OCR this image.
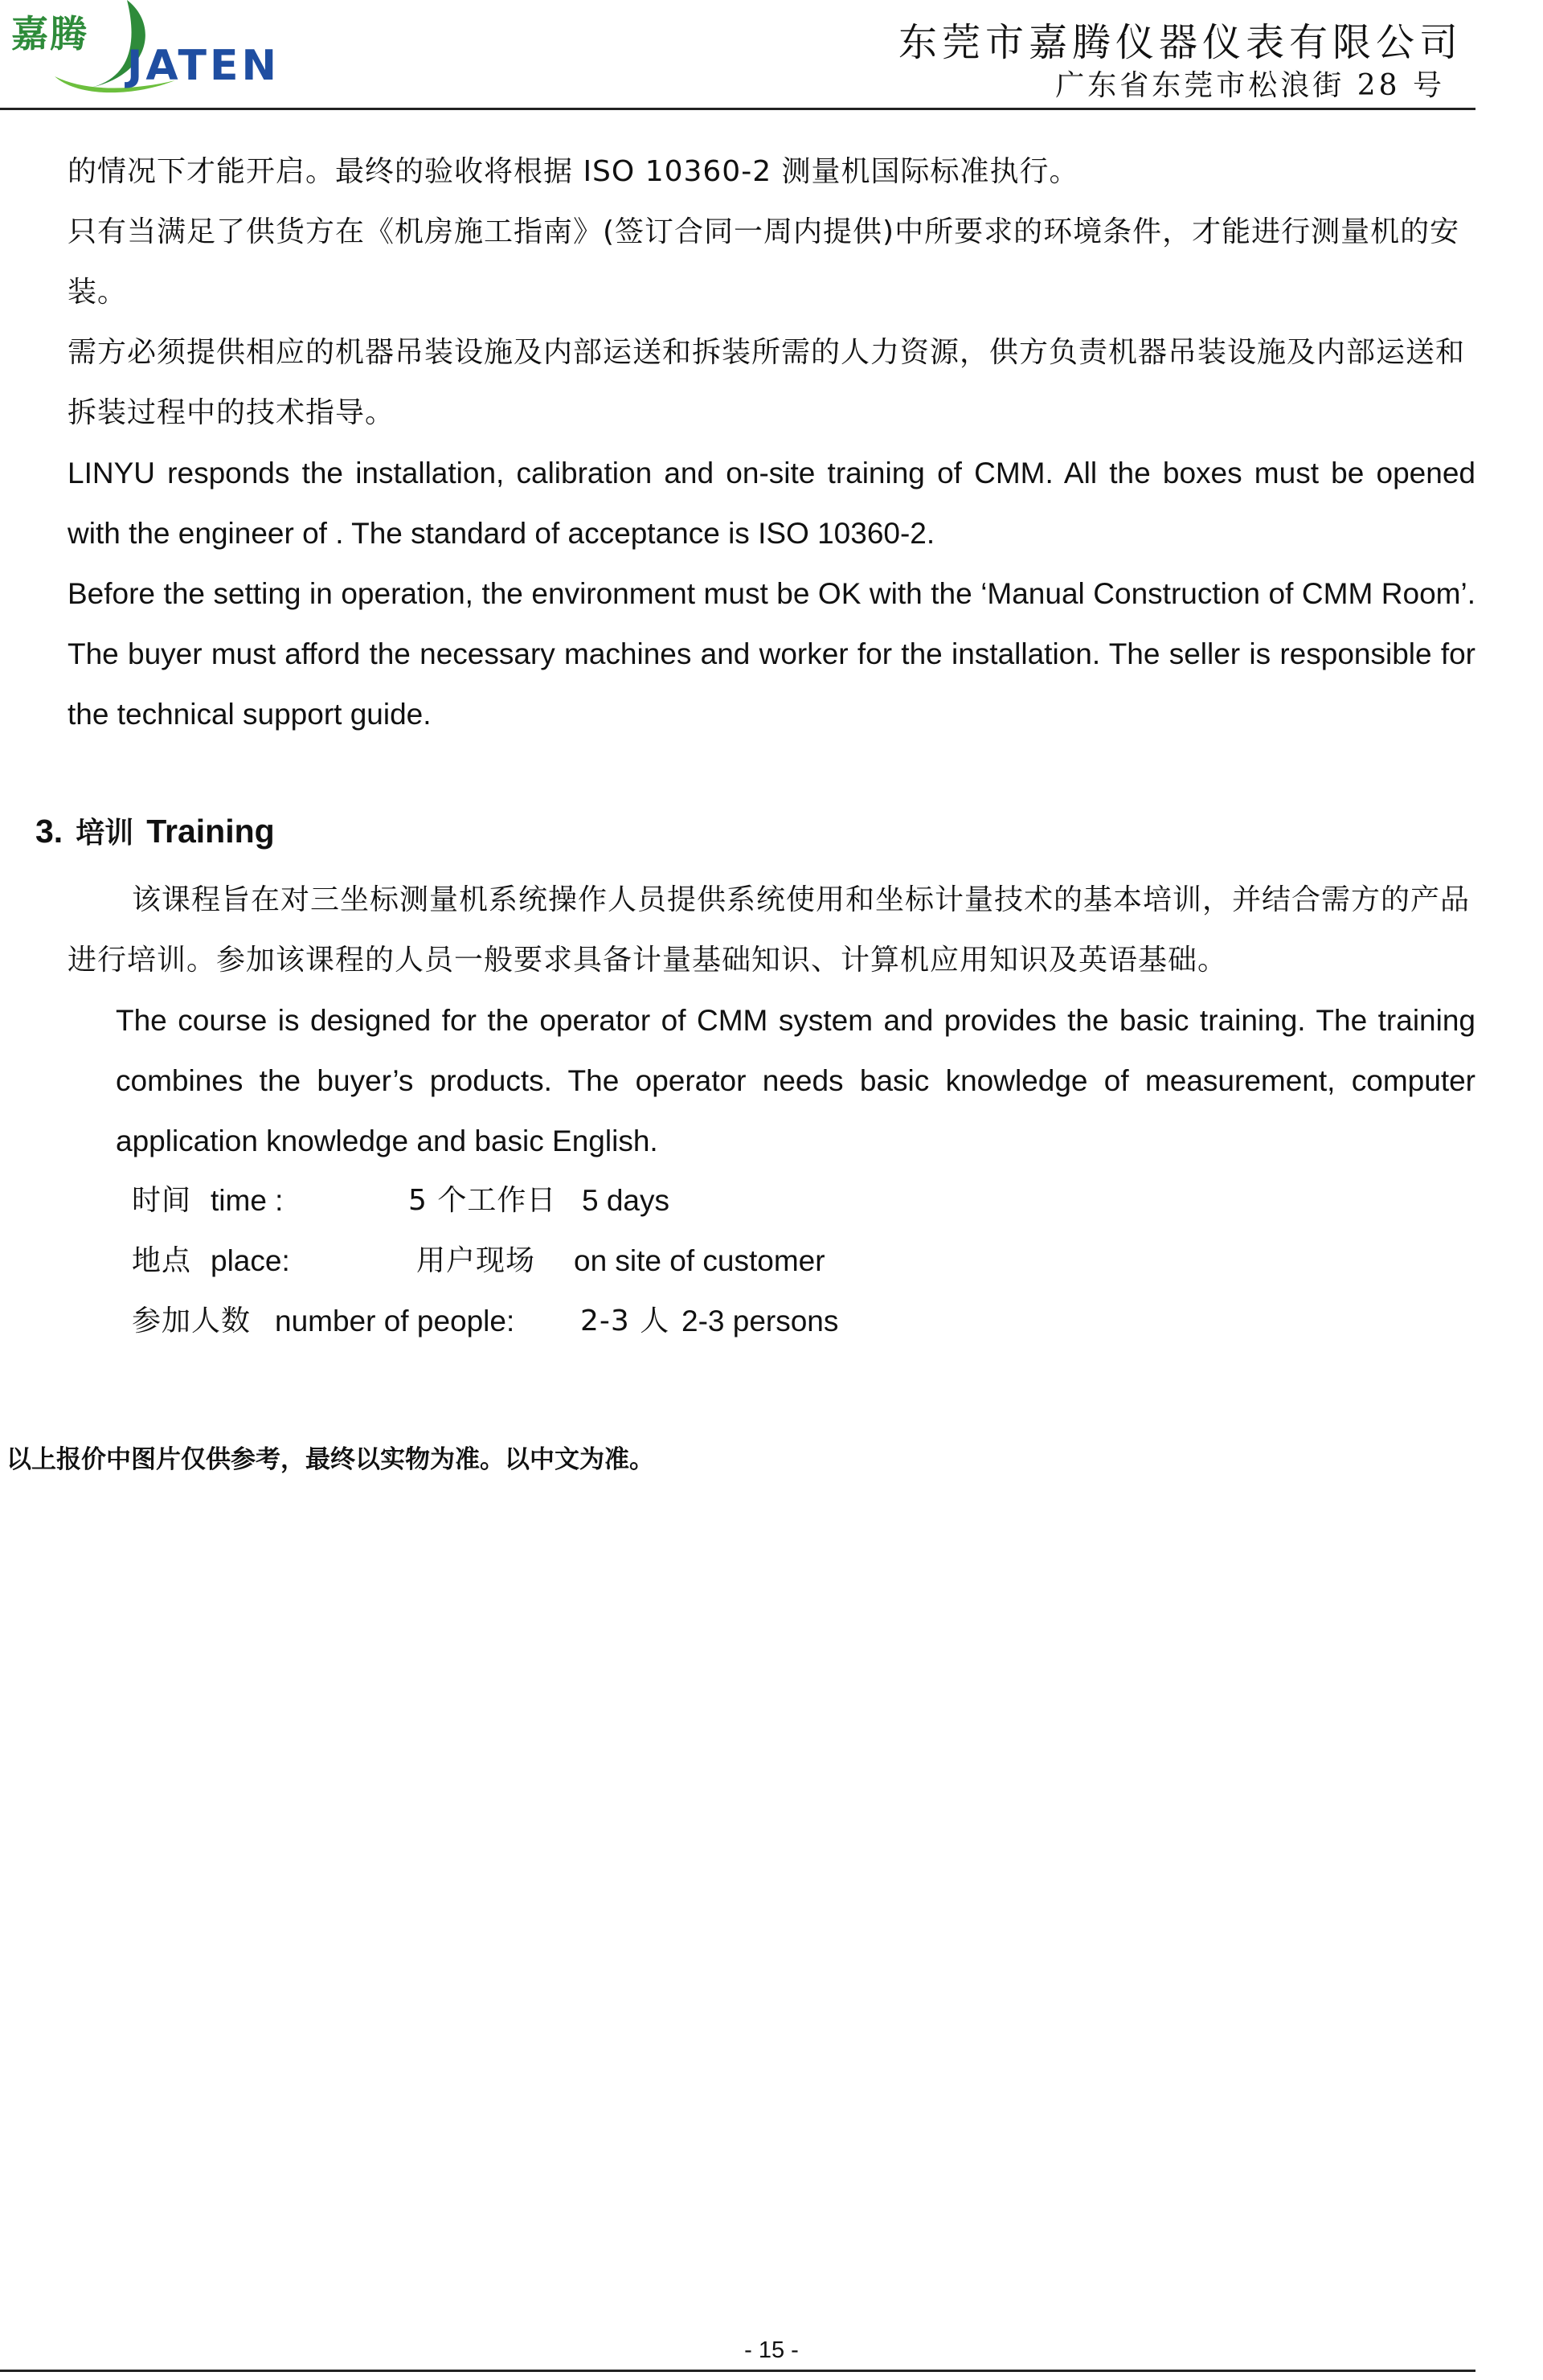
嘉腾
JATEN	东莞市嘉腾仪器仪表有限公司
广东省东莞市松浪街 28 号
的情况下才能开启。最终的验收将根据 ISO 10360-2 测量机国际标准执行。
只有当满足了供货方在《机房施工指南》(签订合同一周内提供)中所要求的环境条件，才能进行测量机的安装。
需方必须提供相应的机器吊装设施及内部运送和拆装所需的人力资源，供方负责机器吊装设施及内部运送和拆装过程中的技术指导。
LINYU responds the installation, calibration and on-site training of CMM. All the boxes must be opened with the engineer of . The standard of acceptance is ISO 10360-2.
Before the setting in operation, the environment must be OK with the ‘Manual Construction of CMM Room’. The buyer must afford the necessary machines and worker for the installation. The seller is responsible for the technical support guide.
3. 培训 Training
该课程旨在对三坐标测量机系统操作人员提供系统使用和坐标计量技术的基本培训，并结合需方的产品进行培训。参加该课程的人员一般要求具备计量基础知识、计算机应用知识及英语基础。
The course is designed for the operator of CMM system and provides the basic training. The training combines the buyer’s products. The operator needs basic knowledge of measurement, computer application knowledge and basic English.
时间 time :	5 个工作日 5 days
地点 place:	用户现场 on site of customer
参加人数 number of people: 2-3 人 2-3 persons
以上报价中图片仅供参考，最终以实物为准。以中文为准。
- 15 -
